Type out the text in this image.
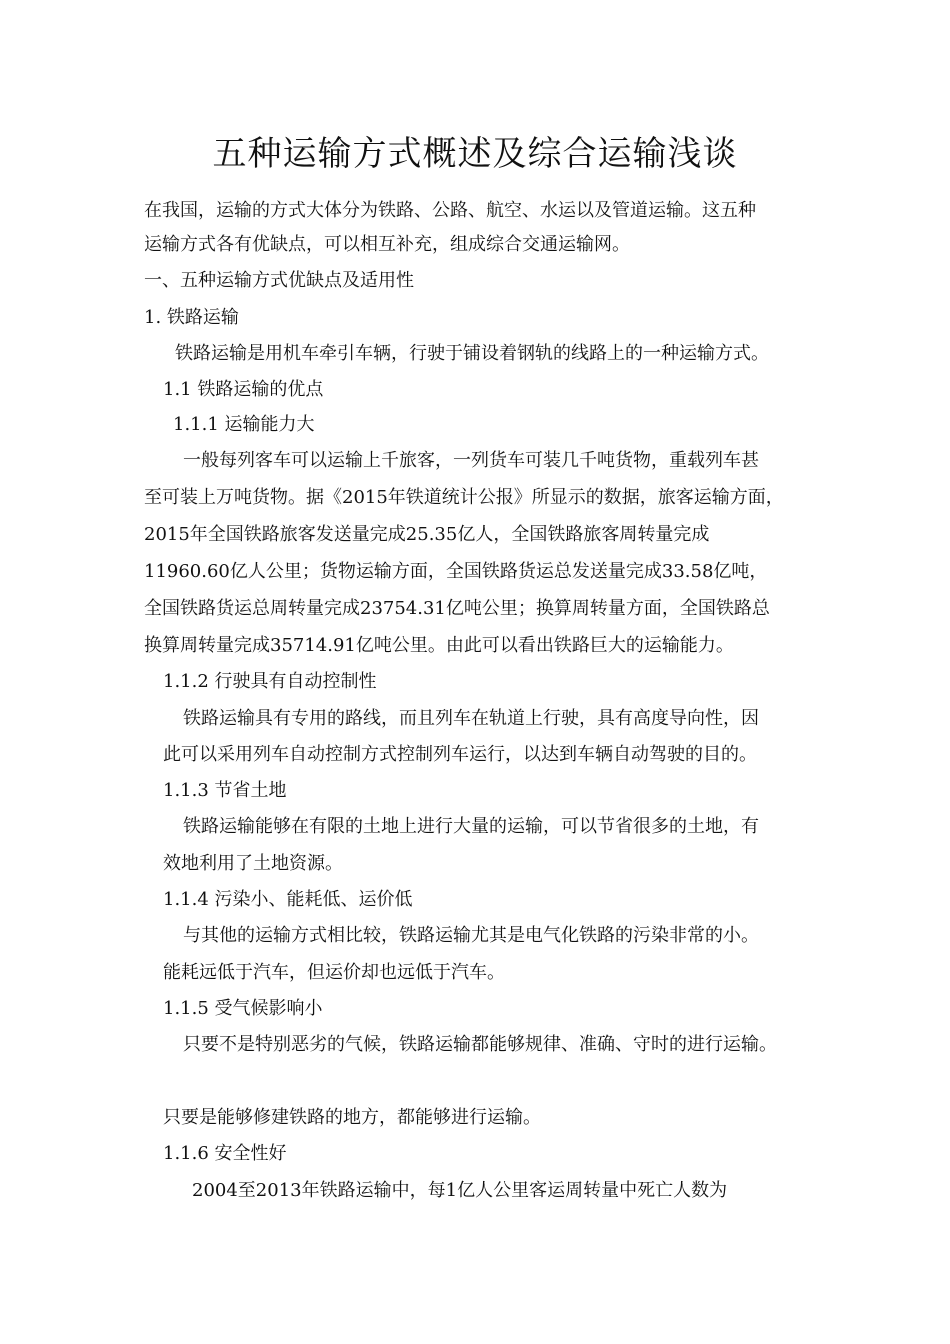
五种运输方式概述及综合运输浅谈

在我国，运输的方式大体分为铁路、公路、航空、水运以及管道运输。这五种

运输方式各有优缺点，可以相互补充，组成综合交通运输网。

一、五种运输方式优缺点及适用性

1. 铁路运输

铁路运输是用机车牵引车辆，行驶于铺设着钢轨的线路上的一种运输方式。

1.1 铁路运输的优点

1.1.1 运输能力大

一般每列客车可以运输上千旅客，一列货车可装几千吨货物，重载列车甚

至可装上万吨货物。据《2015年铁道统计公报》所显示的数据，旅客运输方面，

2015年全国铁路旅客发送量完成25.35亿人，全国铁路旅客周转量完成

11960.60亿人公里；货物运输方面，全国铁路货运总发送量完成33.58亿吨，

全国铁路货运总周转量完成23754.31亿吨公里；换算周转量方面，全国铁路总

换算周转量完成35714.91亿吨公里。由此可以看出铁路巨大的运输能力。

1.1.2 行驶具有自动控制性

铁路运输具有专用的路线，而且列车在轨道上行驶，具有高度导向性，因

此可以采用列车自动控制方式控制列车运行，以达到车辆自动驾驶的目的。

1.1.3 节省土地

铁路运输能够在有限的土地上进行大量的运输，可以节省很多的土地，有

效地利用了土地资源。

1.1.4 污染小、能耗低、运价低

与其他的运输方式相比较，铁路运输尤其是电气化铁路的污染非常的小。

能耗远低于汽车，但运价却也远低于汽车。

1.1.5 受气候影响小

只要不是特别恶劣的气候，铁路运输都能够规律、准确、守时的进行运输。

只要是能够修建铁路的地方，都能够进行运输。

1.1.6 安全性好

2004至2013年铁路运输中，每1亿人公里客运周转量中死亡人数为
